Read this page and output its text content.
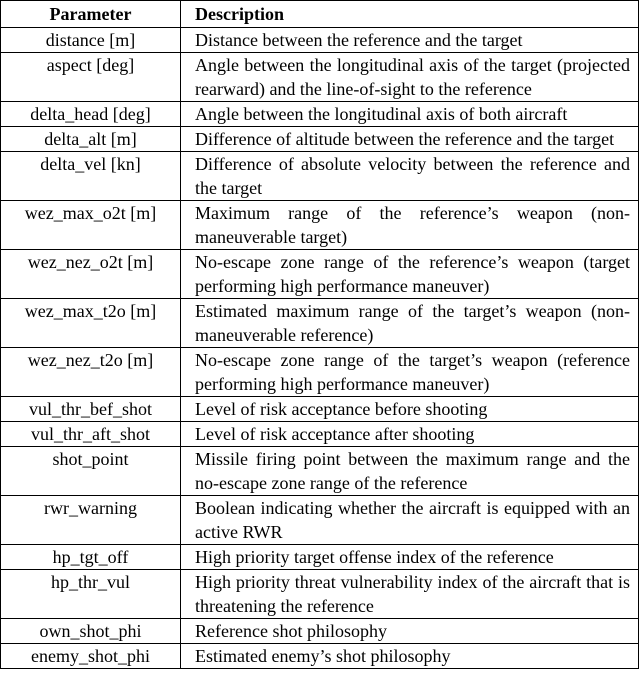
Parameter	Description
distance [m]	Distance between the reference and the target
aspect [deg]	Angle between the longitudinal axis of the target (projected rearward) and the line-of-sight to the reference
delta_head [deg]	Angle between the longitudinal axis of both aircraft
delta_alt [m]	Difference of altitude between the reference and the target
delta_vel [kn]	Difference of absolute velocity between the reference and the target
wez_max_o2t [m]	Maximum range of the reference’s weapon (non-maneuverable target)
wez_nez_o2t [m]	No-escape zone range of the reference’s weapon (target performing high performance maneuver)
wez_max_t2o [m]	Estimated maximum range of the target’s weapon (non-maneuverable reference)
wez_nez_t2o [m]	No-escape zone range of the target’s weapon (reference performing high performance maneuver)
vul_thr_bef_shot	Level of risk acceptance before shooting
vul_thr_aft_shot	Level of risk acceptance after shooting
shot_point	Missile firing point between the maximum range and the no-escape zone range of the reference
rwr_warning	Boolean indicating whether the aircraft is equipped with an active RWR
hp_tgt_off	High priority target offense index of the reference
hp_thr_vul	High priority threat vulnerability index of the aircraft that is threatening the reference
own_shot_phi	Reference shot philosophy
enemy_shot_phi	Estimated enemy’s shot philosophy
